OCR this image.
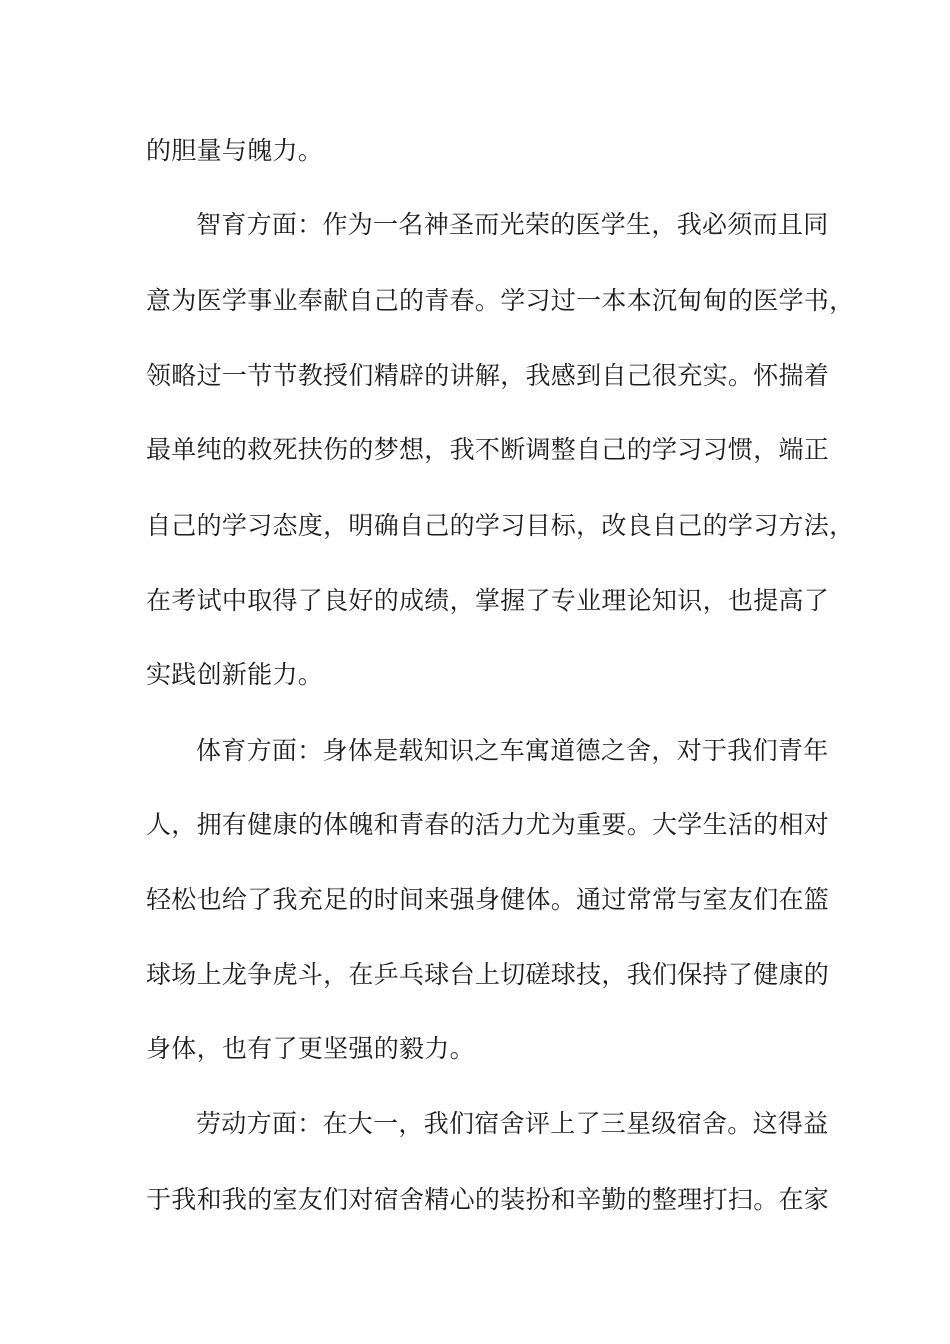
的胆量与魄力。
智育方面：作为一名神圣而光荣的医学生，我必须而且同
意为医学事业奉献自己的青春。学习过一本本沉甸甸的医学书，
领略过一节节教授们精辟的讲解，我感到自己很充实。怀揣着
最单纯的救死扶伤的梦想，我不断调整自己的学习习惯，端正
自己的学习态度，明确自己的学习目标，改良自己的学习方法，
在考试中取得了良好的成绩，掌握了专业理论知识，也提高了
实践创新能力。
体育方面：身体是载知识之车寓道德之舍，对于我们青年
人，拥有健康的体魄和青春的活力尤为重要。大学生活的相对
轻松也给了我充足的时间来强身健体。通过常常与室友们在篮
球场上龙争虎斗，在乒乓球台上切磋球技，我们保持了健康的
身体，也有了更坚强的毅力。
劳动方面：在大一，我们宿舍评上了三星级宿舍。这得益
于我和我的室友们对宿舍精心的装扮和辛勤的整理打扫。在家
